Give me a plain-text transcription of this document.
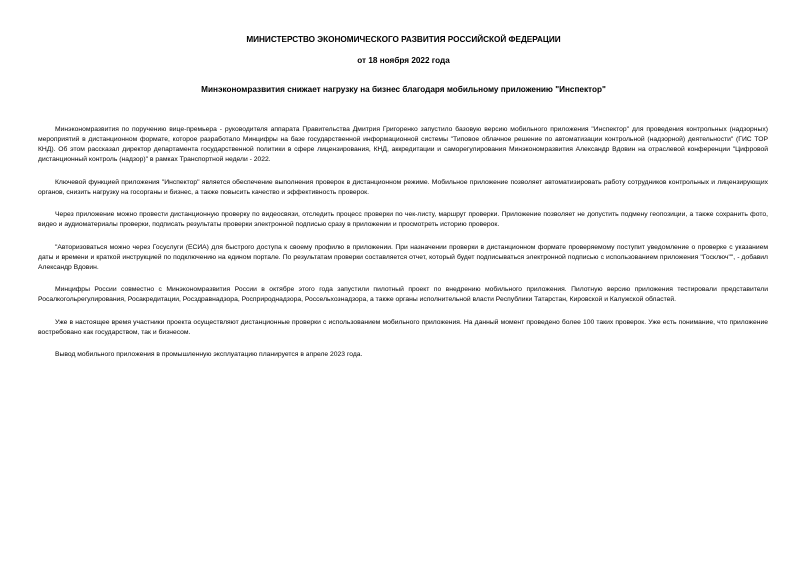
МИНИСТЕРСТВО ЭКОНОМИЧЕСКОГО РАЗВИТИЯ РОССИЙСКОЙ ФЕДЕРАЦИИ
от 18 ноября 2022 года
Минэкономразвития снижает нагрузку на бизнес благодаря мобильному приложению "Инспектор"

Минэкономразвития по поручению вице-премьера - руководителя аппарата Правительства Дмитрия Григоренко запустило базовую версию мобильного приложения "Инспектор" для проведения контрольных (надзорных) мероприятий в дистанционном формате, которое разработало Минцифры на базе государственной информационной системы "Типовое облачное решение по автоматизации контрольной (надзорной) деятельности" (ГИС ТОР КНД). Об этом рассказал директор департамента государственной политики в сфере лицензирования, КНД, аккредитации и саморегулирования Минэкономразвития Александр Вдовин на отраслевой конференции "Цифровой дистанционный контроль (надзор)" в рамках Транспортной недели - 2022.

Ключевой функцией приложения "Инспектор" является обеспечение выполнения проверок в дистанционном режиме. Мобильное приложение позволяет автоматизировать работу сотрудников контрольных и лицензирующих органов, снизить нагрузку на госорганы и бизнес, а также повысить качество и эффективность проверок.

Через приложение можно провести дистанционную проверку по видеосвязи, отследить процесс проверки по чек-листу, маршрут проверки. Приложение позволяет не допустить подмену геопозиции, а также сохранить фото, видео и аудиоматериалы проверки, подписать результаты проверки электронной подписью сразу в приложении и просмотреть историю проверок.

"Авторизоваться можно через Госуслуги (ЕСИА) для быстрого доступа к своему профилю в приложении. При назначении проверки в дистанционном формате проверяемому поступит уведомление о проверке с указанием даты и времени и краткой инструкцией по подключению на едином портале. По результатам проверки составляется отчет, который будет подписываться электронной подписью с использованием приложения "Госключ"", - добавил Александр Вдовин.

Минцифры России совместно с Минэкономразвития России в октябре этого года запустили пилотный проект по внедрению мобильного приложения. Пилотную версию приложения тестировали представители Росалкогольрегулирования, Росакредитации, Росздравнадзора, Росприроднадзора, Россельхознадзора, а также органы исполнительной власти Республики Татарстан, Кировской и Калужской областей.

Уже в настоящее время участники проекта осуществляют дистанционные проверки с использованием мобильного приложения. На данный момент проведено более 100 таких проверок. Уже есть понимание, что приложение востребовано как государством, так и бизнесом.

Вывод мобильного приложения в промышленную эксплуатацию планируется в апреле 2023 года.
